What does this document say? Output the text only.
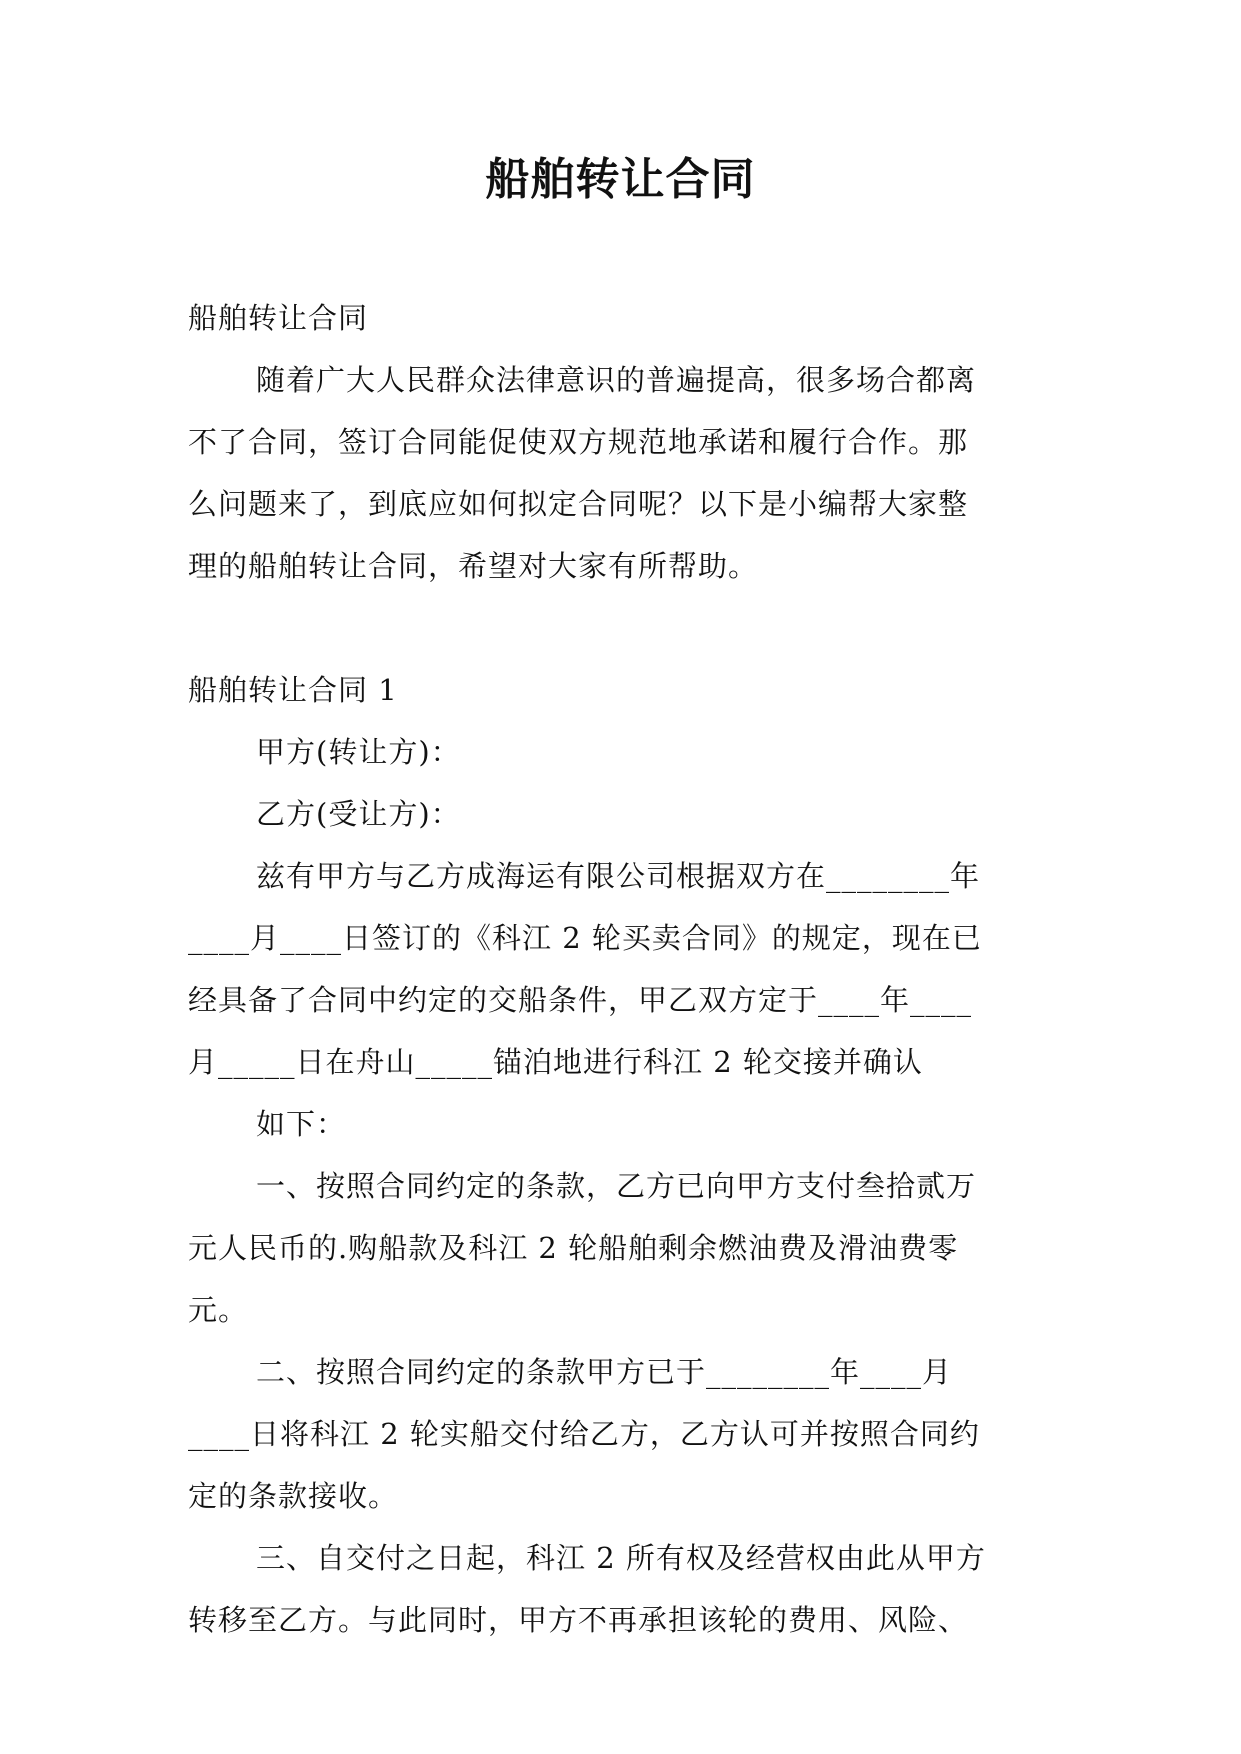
船舶转让合同

船舶转让合同

随着广大人民群众法律意识的普遍提高，很多场合都离

不了合同，签订合同能促使双方规范地承诺和履行合作。那

么问题来了，到底应如何拟定合同呢？以下是小编帮大家整

理的船舶转让合同，希望对大家有所帮助。

船舶转让合同 1

甲方(转让方)：

乙方(受让方)：

兹有甲方与乙方成海运有限公司根据双方在________年

____月____日签订的《科江 2 轮买卖合同》的规定，现在已

经具备了合同中约定的交船条件，甲乙双方定于____年____

月_____日在舟山_____锚泊地进行科江 2 轮交接并确认

如下：

一、按照合同约定的条款，乙方已向甲方支付叁拾贰万

元人民币的.购船款及科江 2 轮船舶剩余燃油费及滑油费零

元。

二、按照合同约定的条款甲方已于________年____月

____日将科江 2 轮实船交付给乙方，乙方认可并按照合同约

定的条款接收。

三、自交付之日起，科江 2 所有权及经营权由此从甲方

转移至乙方。与此同时，甲方不再承担该轮的费用、风险、
